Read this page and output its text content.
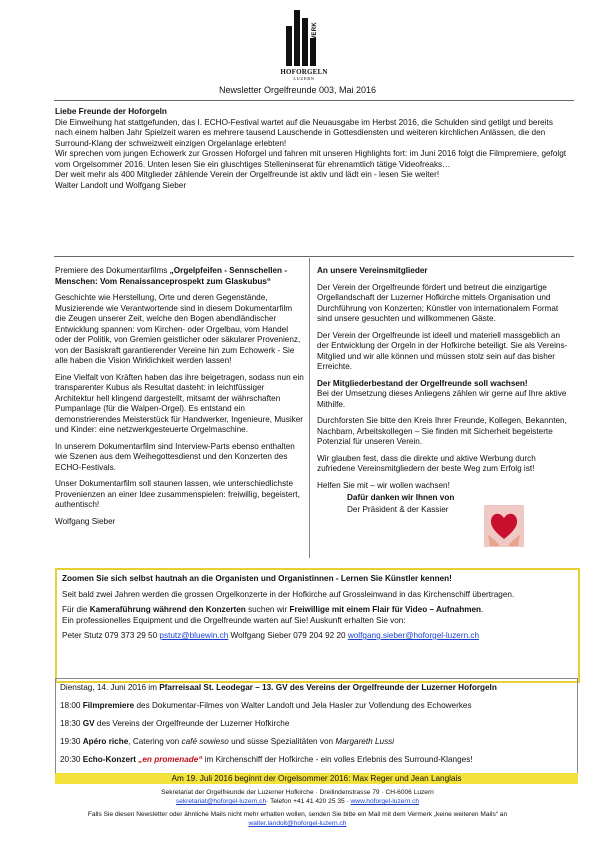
ECHOWERK
HOFORGELN
LUZERN
Newsletter Orgelfreunde 003, Mai 2016

Liebe Freunde der Hoforgeln

Die Einweihung hat stattgefunden, das I. ECHO-Festival wartet auf die Neuausgabe im Herbst 2016, die Schulden sind getilgt und bereits nach einem halben Jahr Spielzeit waren es mehrere tausend Lauschende in Gottesdiensten und weiteren kirchlichen Anlässen, die den Surround-Klang der schweizweit einzigen Orgelanlage erlebten!

Wir sprechen vom jungen Echowerk zur Grossen Hoforgel und fahren mit unseren Highlights fort: im Juni 2016 folgt die Filmpremiere, gefolgt vom Orgelsommer 2016. Unten lesen Sie ein gluschtiges Stelleninserat für ehrenamtlich tätige Videofreaks…

Der weit mehr als 400 Mitglieder zählende Verein der Orgelfreunde ist aktiv und lädt ein - lesen Sie weiter!

Walter Landolt und Wolfgang Sieber

Premiere des Dokumentarfilms „Orgelpfeifen - Sennschellen - Menschen: Vom Renaissanceprospekt zum Glaskubus“

Geschichte wie Herstellung, Orte und deren Gegenstände, Musizierende wie Verantwortende sind in diesem Dokumentarfilm die Zeugen unserer Zeit, welche den Bogen abendländischer Entwicklung spannen: vom Kirchen- oder Orgelbau, vom Handel oder der Politik, von Gremien geistlicher oder säkularer Provenienz, von der Basiskraft garantierender Vereine hin zum Echowerk - Sie alle haben die Vision Wirklichkeit werden lassen!

Eine Vielfalt von Kräften haben das ihre beigetragen, sodass nun ein transparenter Kubus als Resultat dasteht: in leichtfüssiger Architektur hell klingend dargestellt, mitsamt der währschaften Pumpanlage (für die Walpen-Orgel). Es entstand ein demonstrierendes Meisterstück für Handwerker, Ingenieure, Musiker und Kinder: eine netzwerkgesteuerte Orgelmaschine.

In unserem Dokumentarfilm sind Interview-Parts ebenso enthalten wie Szenen aus dem Weihegottesdienst und den Konzerten des ECHO-Festivals.

Unser Dokumentarfilm soll staunen lassen, wie unterschiedlichste Provenienzen an einer Idee zusammenspielen: freiwillig, begeistert, authentisch!

Wolfgang Sieber

An unsere Vereinsmitglieder

Der Verein der Orgelfreunde fördert und betreut die einzigartige Orgellandschaft der Luzerner Hofkirche mittels Organisation und Durchführung von Konzerten; Künstler von internationalem Format sind unsere gesuchten und willkommenen Gäste.

Der Verein der Orgelfreunde ist ideell und materiell massgeblich an der Entwicklung der Orgeln in der Hofkirche beteiligt. Sie als Vereins-Mitglied und wir alle können und müssen stolz sein auf das bisher Erreichte.

Der Mitgliederbestand der Orgelfreunde soll wachsen!

Bei der Umsetzung dieses Anliegens zählen wir gerne auf Ihre aktive Mithilfe.

Durchforsten Sie bitte den Kreis Ihrer Freunde, Kollegen, Bekannten, Nachbarn, Arbeitskollegen – Sie finden mit Sicherheit begeisterte Potenzial für unseren Verein.

Wir glauben fest, dass die direkte und aktive Werbung durch zufriedene Vereinsmitgliedern der beste Weg zum Erfolg ist!

Helfen Sie mit – wir wollen wachsen!

Dafür danken wir Ihnen von

Der Präsident & der Kassier

Zoomen Sie sich selbst hautnah an die Organisten und Organistinnen - Lernen Sie Künstler kennen!

Seit bald zwei Jahren werden die grossen Orgelkonzerte in der Hofkirche auf Grossleinwand in das Kirchenschiff übertragen.

Für die Kameraführung während den Konzerten suchen wir Freiwillige mit einem Flair für Video – Aufnahmen.

Ein professionelles Equipment und die Orgelfreunde warten auf Sie! Auskunft erhalten Sie von:

Peter Stutz 079 373 29 50 pstutz@bluewin.ch Wolfgang Sieber 079 204 92 20 wolfgang.sieber@hoforgel-luzern.ch

Dienstag, 14. Juni 2016 im Pfarreisaal St. Leodegar – 13. GV des Vereins der Orgelfreunde der Luzerner Hoforgeln
18:00 Filmpremiere des Dokumentar-Filmes von Walter Landolt und Jela Hasler zur Vollendung des Echowerkes
18:30 GV des Vereins der Orgelfreunde der Luzerner Hofkirche
19:30 Apéro riche, Catering von café sowieso und süsse Spezialitäten von Margareth Lussi
20:30 Echo-Konzert „en promenade“ im Kirchenschiff der Hofkirche - ein volles Erlebnis des Surround-Klanges!
Am 19. Juli 2016 beginnt der Orgelsommer 2016: Max Reger und Jean Langlais
Sekretariat der Orgelfreunde der Luzerner Hofkirche · Dreilindenstrasse 79 · CH-6006 Luzern
sekretariat@hoforgel-luzern.ch· Telefon +41 41 420 25 35 · www.hoforgel-luzern.ch
Falls Sie diesen Newsletter oder ähnliche Mails nicht mehr erhalten wollen, senden Sie bitte ein Mail mit dem Vermerk „keine weiteren Mails“ an
walter.landolt@hoforgel-luzern.ch
